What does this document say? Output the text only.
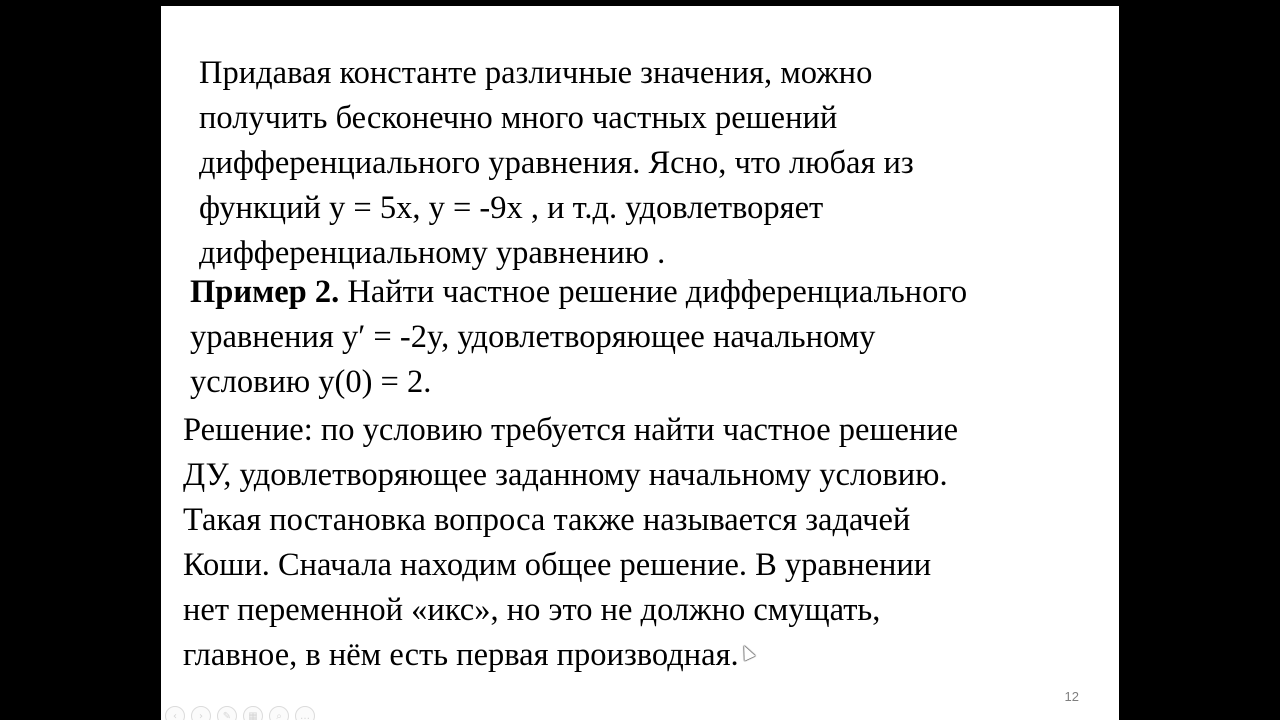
Придавая константе различные значения, можно
получить бесконечно много частных решений
дифференциального уравнения. Ясно, что любая из
функций y = 5x, y = -9x , и т.д. удовлетворяет
дифференциальному уравнению .

Пример 2. Найти частное решение дифференциального
уравнения y′ = -2y, удовлетворяющее начальному
условию y(0) = 2.

Решение: по условию требуется найти частное решение
ДУ, удовлетворяющее заданному начальному условию.
Такая постановка вопроса также называется задачей
Коши. Сначала находим общее решение. В уравнении
нет переменной «икс», но это не должно смущать,
главное, в нём есть первая производная.

12
‹	›	✎	▦	⌕	…
